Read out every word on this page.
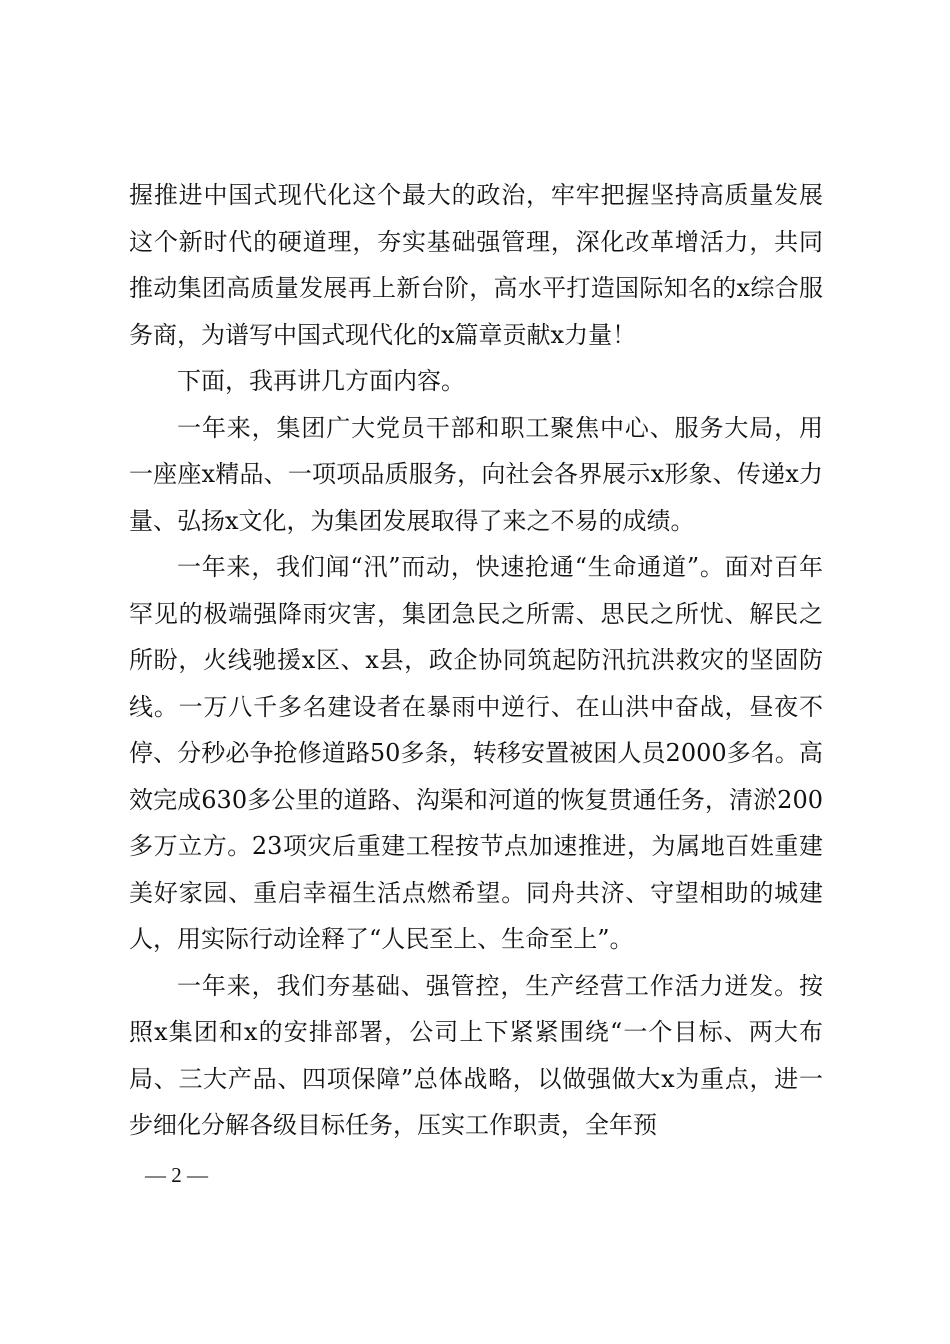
握推进中国式现代化这个最大的政治，牢牢把握坚持高质量发展这个新时代的硬道理，夯实基础强管理，深化改革增活力，共同推动集团高质量发展再上新台阶，高水平打造国际知名的x综合服务商，为谱写中国式现代化的x篇章贡献x力量！

下面，我再讲几方面内容。

一年来，集团广大党员干部和职工聚焦中心、服务大局，用一座座x精品、一项项品质服务，向社会各界展示x形象、传递x力量、弘扬x文化，为集团发展取得了来之不易的成绩。

一年来，我们闻“汛”而动，快速抢通“生命通道”。面对百年罕见的极端强降雨灾害，集团急民之所需、思民之所忧、解民之所盼，火线驰援x区、x县，政企协同筑起防汛抗洪救灾的坚固防线。一万八千多名建设者在暴雨中逆行、在山洪中奋战，昼夜不停、分秒必争抢修道路50多条，转移安置被困人员2000多名。高效完成630多公里的道路、沟渠和河道的恢复贯通任务，清淤200多万立方。23项灾后重建工程按节点加速推进，为属地百姓重建美好家园、重启幸福生活点燃希望。同舟共济、守望相助的城建人，用实际行动诠释了“人民至上、生命至上”。

一年来，我们夯基础、强管控，生产经营工作活力迸发。按照x集团和x的安排部署，公司上下紧紧围绕“一个目标、两大布局、三大产品、四项保障”总体战略，以做强做大x为重点，进一步细化分解各级目标任务，压实工作职责，全年预

— 2 —
